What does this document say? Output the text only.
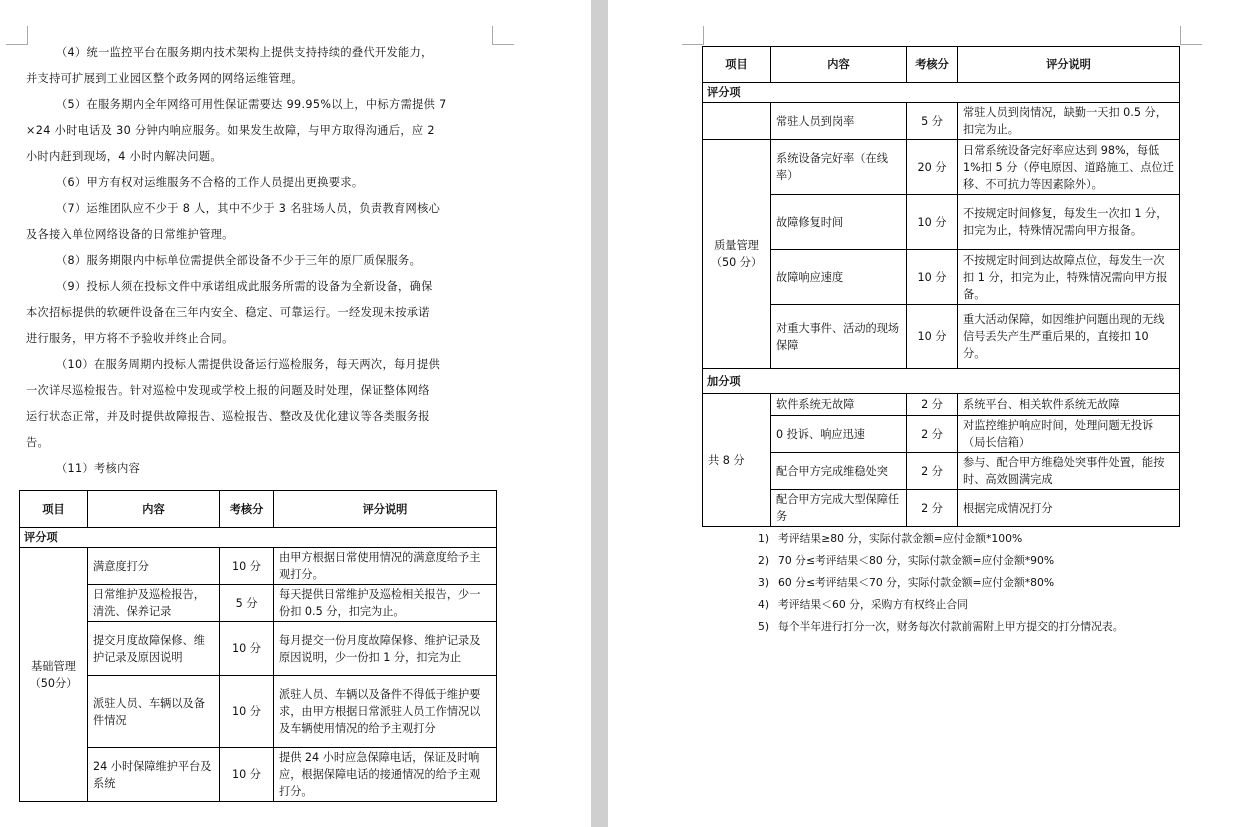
（4）统一监控平台在服务期内技术架构上提供支持持续的叠代开发能力，

并支持可扩展到工业园区整个政务网的网络运维管理。

（5）在服务期内全年网络可用性保证需要达 99.95%以上，中标方需提供 7

×24 小时电话及 30 分钟内响应服务。如果发生故障，与甲方取得沟通后，应 2

小时内赶到现场，4 小时内解决问题。

（6）甲方有权对运维服务不合格的工作人员提出更换要求。

（7）运维团队应不少于 8 人，其中不少于 3 名驻场人员，负责教育网核心

及各接入单位网络设备的日常维护管理。

（8）服务期限内中标单位需提供全部设备不少于三年的原厂质保服务。

（9）投标人须在投标文件中承诺组成此服务所需的设备为全新设备，确保

本次招标提供的软硬件设备在三年内安全、稳定、可靠运行。一经发现未按承诺

进行服务，甲方将不予验收并终止合同。

（10）在服务周期内投标人需提供设备运行巡检服务，每天两次，每月提供

一次详尽巡检报告。针对巡检中发现或学校上报的问题及时处理，保证整体网络

运行状态正常，并及时提供故障报告、巡检报告、整改及优化建议等各类服务报

告。

（11）考核内容

项目	内容	考核分	评分说明
评分项			
基础管理（50分）	满意度打分	10 分	由甲方根据日常使用情况的满意度给予主观打分。
	日常维护及巡检报告，清洗、保养记录	5 分	每天提供日常维护及巡检相关报告，少一份扣 0.5 分，扣完为止。
	提交月度故障保修、维护记录及原因说明	10 分	每月提交一份月度故障保修、维护记录及原因说明，少一份扣 1 分，扣完为止
	派驻人员、车辆以及备件情况	10 分	派驻人员、车辆以及备件不得低于维护要求，由甲方根据日常派驻人员工作情况以及车辆使用情况的给予主观打分
	24 小时保障维护平台及系统	10 分	提供 24 小时应急保障电话，保证及时响应，根据保障电话的接通情况的给予主观打分。
项目	内容	考核分	评分说明
评分项			
	常驻人员到岗率	5 分	常驻人员到岗情况，缺勤一天扣 0.5 分，扣完为止。
质量管理（50 分）	系统设备完好率（在线率）	20 分	日常系统设备完好率应达到 98%，每低 1%扣 5 分（停电原因、道路施工、点位迁移、不可抗力等因素除外）。
	故障修复时间	10 分	不按规定时间修复，每发生一次扣 1 分，扣完为止，特殊情况需向甲方报备。
	故障响应速度	10 分	不按规定时间到达故障点位，每发生一次扣 1 分，扣完为止，特殊情况需向甲方报备。
	对重大事件、活动的现场保障	10 分	重大活动保障，如因维护问题出现的无线信号丢失产生严重后果的，直接扣 10 分。
加分项			
共 8 分	软件系统无故障	2 分	系统平台、相关软件系统无故障
	0 投诉、响应迅速	2 分	对监控维护响应时间，处理问题无投诉（局长信箱）
	配合甲方完成维稳处突	2 分	参与、配合甲方维稳处突事件处置，能按时、高效圆满完成
	配合甲方完成大型保障任务	2 分	根据完成情况打分
1) 考评结果≥80 分，实际付款金额=应付金额*100%
2) 70 分≤考评结果＜80 分，实际付款金额=应付金额*90%
3) 60 分≤考评结果＜70 分，实际付款金额=应付金额*80%
4) 考评结果＜60 分，采购方有权终止合同
5) 每个半年进行打分一次，财务每次付款前需附上甲方提交的打分情况表。
